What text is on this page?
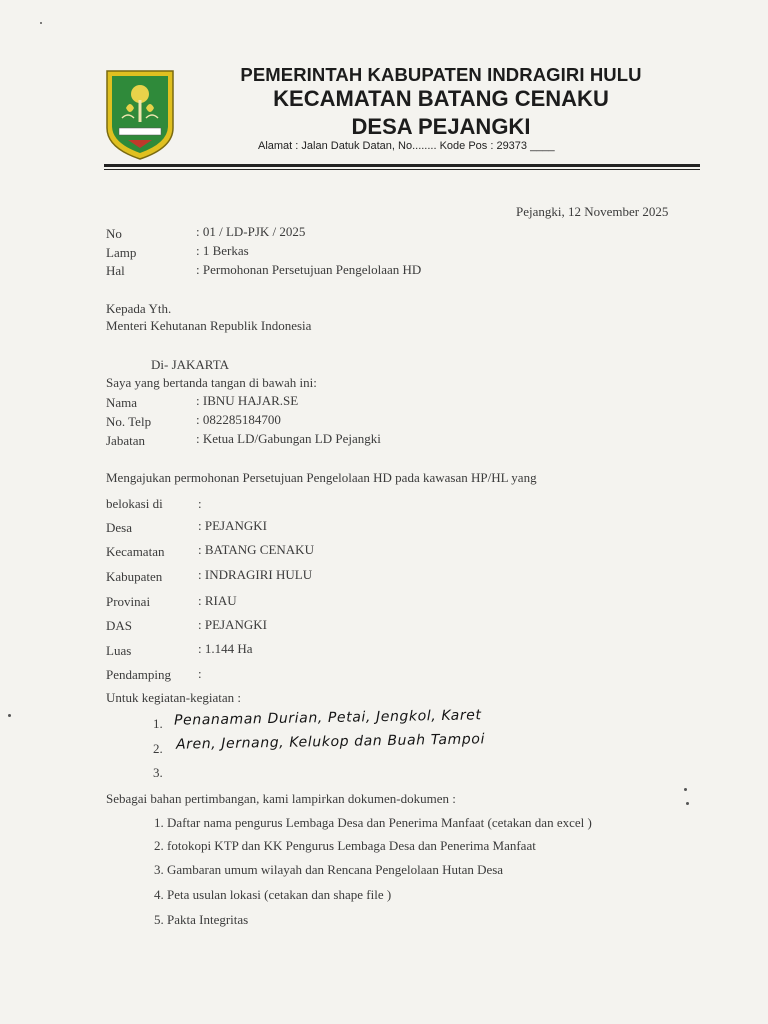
PEMERINTAH KABUPATEN INDRAGIRI HULU
KECAMATAN BATANG CENAKU
DESA PEJANGKI
Alamat : Jalan Datuk Datan, No........ Kode Pos : 29373 ____
Pejangki, 12 November 2025
No	: 01 / LD-PJK / 2025
Lamp	: 1 Berkas
Hal	: Permohonan Persetujuan Pengelolaan HD
Kepada Yth.
Menteri Kehutanan Republik Indonesia
Di- JAKARTA
Saya yang bertanda tangan di bawah ini:
Nama	: IBNU HAJAR.SE
No. Telp	: 082285184700
Jabatan	: Ketua LD/Gabungan LD Pejangki
Mengajukan permohonan Persetujuan Pengelolaan HD pada kawasan HP/HL yang
belokasi di	:
Desa	: PEJANGKI
Kecamatan	: BATANG CENAKU
Kabupaten	: INDRAGIRI HULU
Provinai	: RIAU
DAS	: PEJANGKI
Luas	: 1.144 Ha
Pendamping :
Untuk kegiatan-kegiatan :
1. Penanaman Durian, Petai, Jengkol, Karet
2. Aren, Jernang, Kelukop dan Buah Tampoi
3.
Sebagai bahan pertimbangan, kami lampirkan dokumen-dokumen :
1. Daftar nama pengurus Lembaga Desa dan Penerima Manfaat (cetakan dan excel )
2. fotokopi KTP dan KK Pengurus Lembaga Desa dan Penerima Manfaat
3. Gambaran umum wilayah dan Rencana Pengelolaan Hutan Desa
4. Peta usulan lokasi (cetakan dan shape file )
5. Pakta Integritas
